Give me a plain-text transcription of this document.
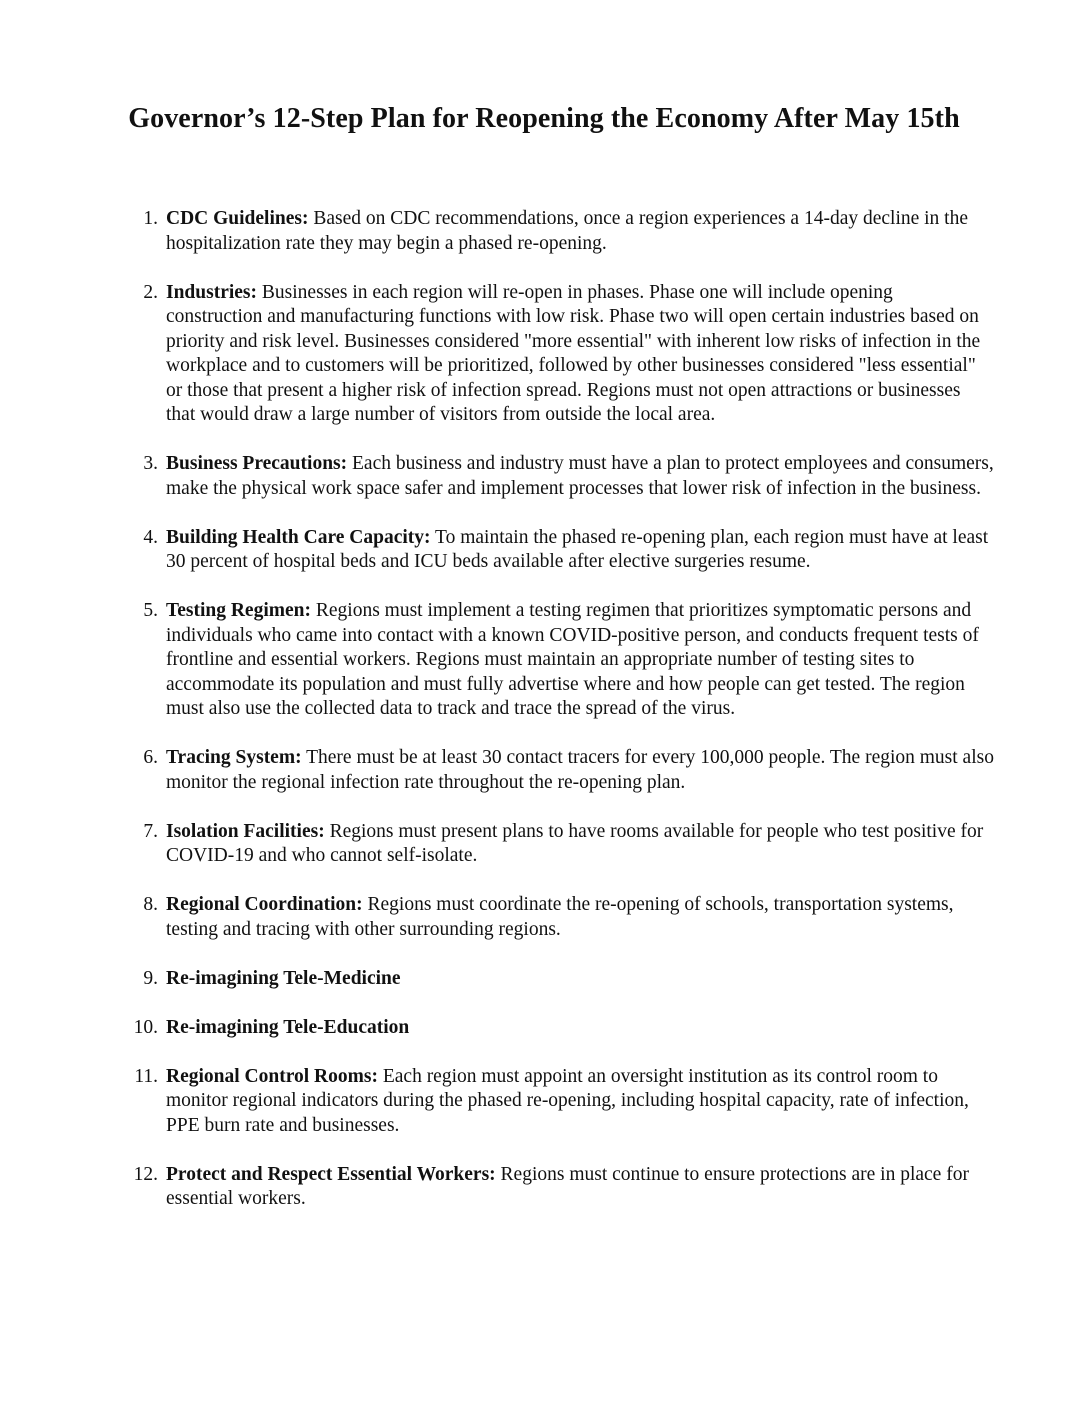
Governor’s 12-Step Plan for Reopening the Economy After May 15th
1. CDC Guidelines: Based on CDC recommendations, once a region experiences a 14-day decline in the hospitalization rate they may begin a phased re-opening.
2. Industries: Businesses in each region will re-open in phases. Phase one will include opening construction and manufacturing functions with low risk. Phase two will open certain industries based on priority and risk level. Businesses considered "more essential" with inherent low risks of infection in the workplace and to customers will be prioritized, followed by other businesses considered "less essential" or those that present a higher risk of infection spread. Regions must not open attractions or businesses that would draw a large number of visitors from outside the local area.
3. Business Precautions: Each business and industry must have a plan to protect employees and consumers, make the physical work space safer and implement processes that lower risk of infection in the business.
4. Building Health Care Capacity: To maintain the phased re-opening plan, each region must have at least 30 percent of hospital beds and ICU beds available after elective surgeries resume.
5. Testing Regimen: Regions must implement a testing regimen that prioritizes symptomatic persons and individuals who came into contact with a known COVID-positive person, and conducts frequent tests of frontline and essential workers. Regions must maintain an appropriate number of testing sites to accommodate its population and must fully advertise where and how people can get tested. The region must also use the collected data to track and trace the spread of the virus.
6. Tracing System: There must be at least 30 contact tracers for every 100,000 people. The region must also monitor the regional infection rate throughout the re-opening plan.
7. Isolation Facilities: Regions must present plans to have rooms available for people who test positive for COVID-19 and who cannot self-isolate.
8. Regional Coordination: Regions must coordinate the re-opening of schools, transportation systems, testing and tracing with other surrounding regions.
9. Re-imagining Tele-Medicine
10. Re-imagining Tele-Education
11. Regional Control Rooms: Each region must appoint an oversight institution as its control room to monitor regional indicators during the phased re-opening, including hospital capacity, rate of infection, PPE burn rate and businesses.
12. Protect and Respect Essential Workers: Regions must continue to ensure protections are in place for essential workers.
